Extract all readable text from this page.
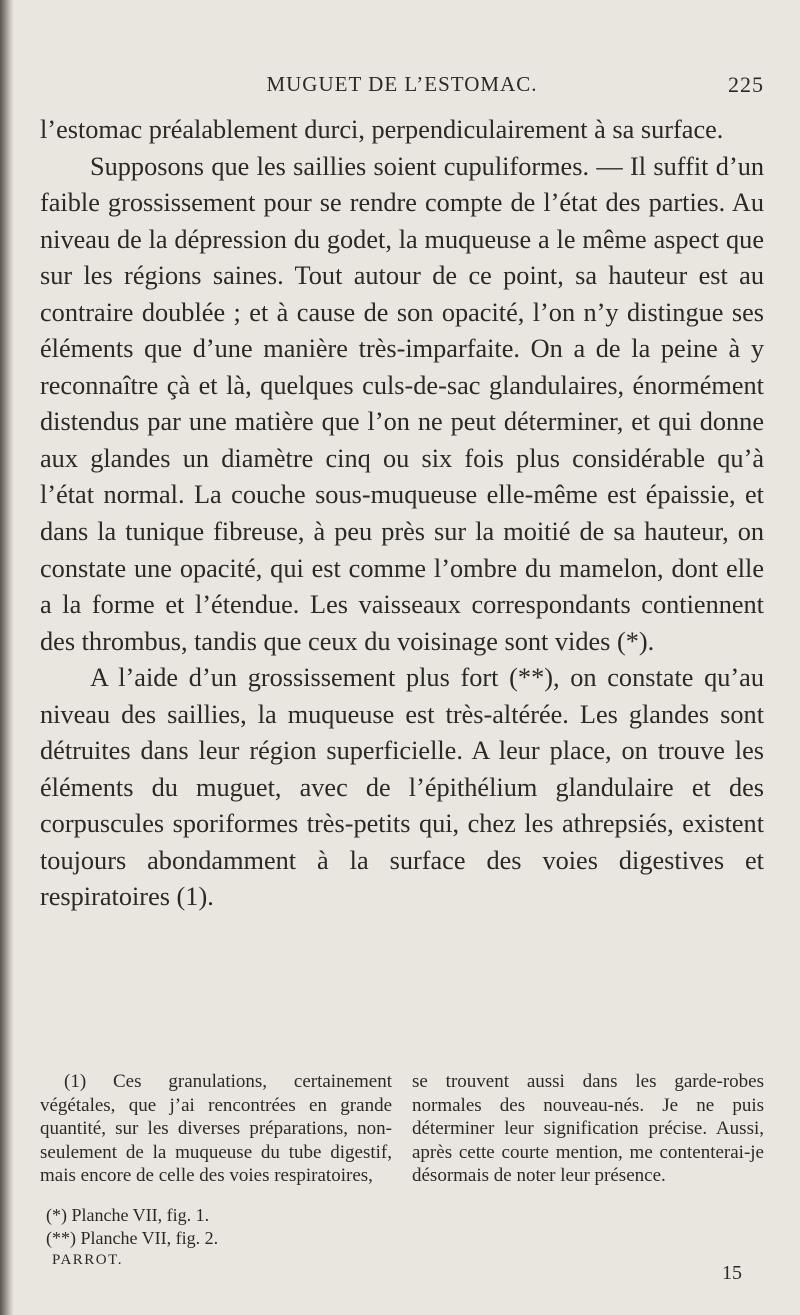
MUGUET DE L’ESTOMAC.	225

l’estomac préalablement durci, perpendiculairement à sa surface.

Supposons que les saillies soient cupuliformes. — Il suffit d’un faible grossissement pour se rendre compte de l’état des parties. Au niveau de la dépression du godet, la muqueuse a le même aspect que sur les régions saines. Tout autour de ce point, sa hauteur est au contraire doublée ; et à cause de son opacité, l’on n’y distingue ses éléments que d’une manière très-imparfaite. On a de la peine à y reconnaître çà et là, quelques culs-de-sac glandulaires, énormément distendus par une matière que l’on ne peut déterminer, et qui donne aux glandes un diamètre cinq ou six fois plus considérable qu’à l’état normal. La couche sous-muqueuse elle-même est épaissie, et dans la tunique fibreuse, à peu près sur la moitié de sa hauteur, on constate une opacité, qui est comme l’ombre du mamelon, dont elle a la forme et l’étendue. Les vaisseaux correspondants contiennent des thrombus, tandis que ceux du voisinage sont vides (*).

A l’aide d’un grossissement plus fort (**), on constate qu’au niveau des saillies, la muqueuse est très-altérée. Les glandes sont détruites dans leur région superficielle. A leur place, on trouve les éléments du muguet, avec de l’épithélium glandulaire et des corpuscules sporiformes très-petits qui, chez les athrepsiés, existent toujours abondamment à la surface des voies digestives et respiratoires (1).

(1) Ces granulations, certainement végétales, que j’ai rencontrées en grande quantité, sur les diverses préparations, non-seulement de la muqueuse du tube digestif, mais encore de celle des voies respiratoires,
se trouvent aussi dans les garde-robes normales des nouveau-nés. Je ne puis déterminer leur signification précise. Aussi, après cette courte mention, me contenterai-je désormais de noter leur présence.
(*) Planche VII, fig. 1.
(**) Planche VII, fig. 2.
PARROT.
15
